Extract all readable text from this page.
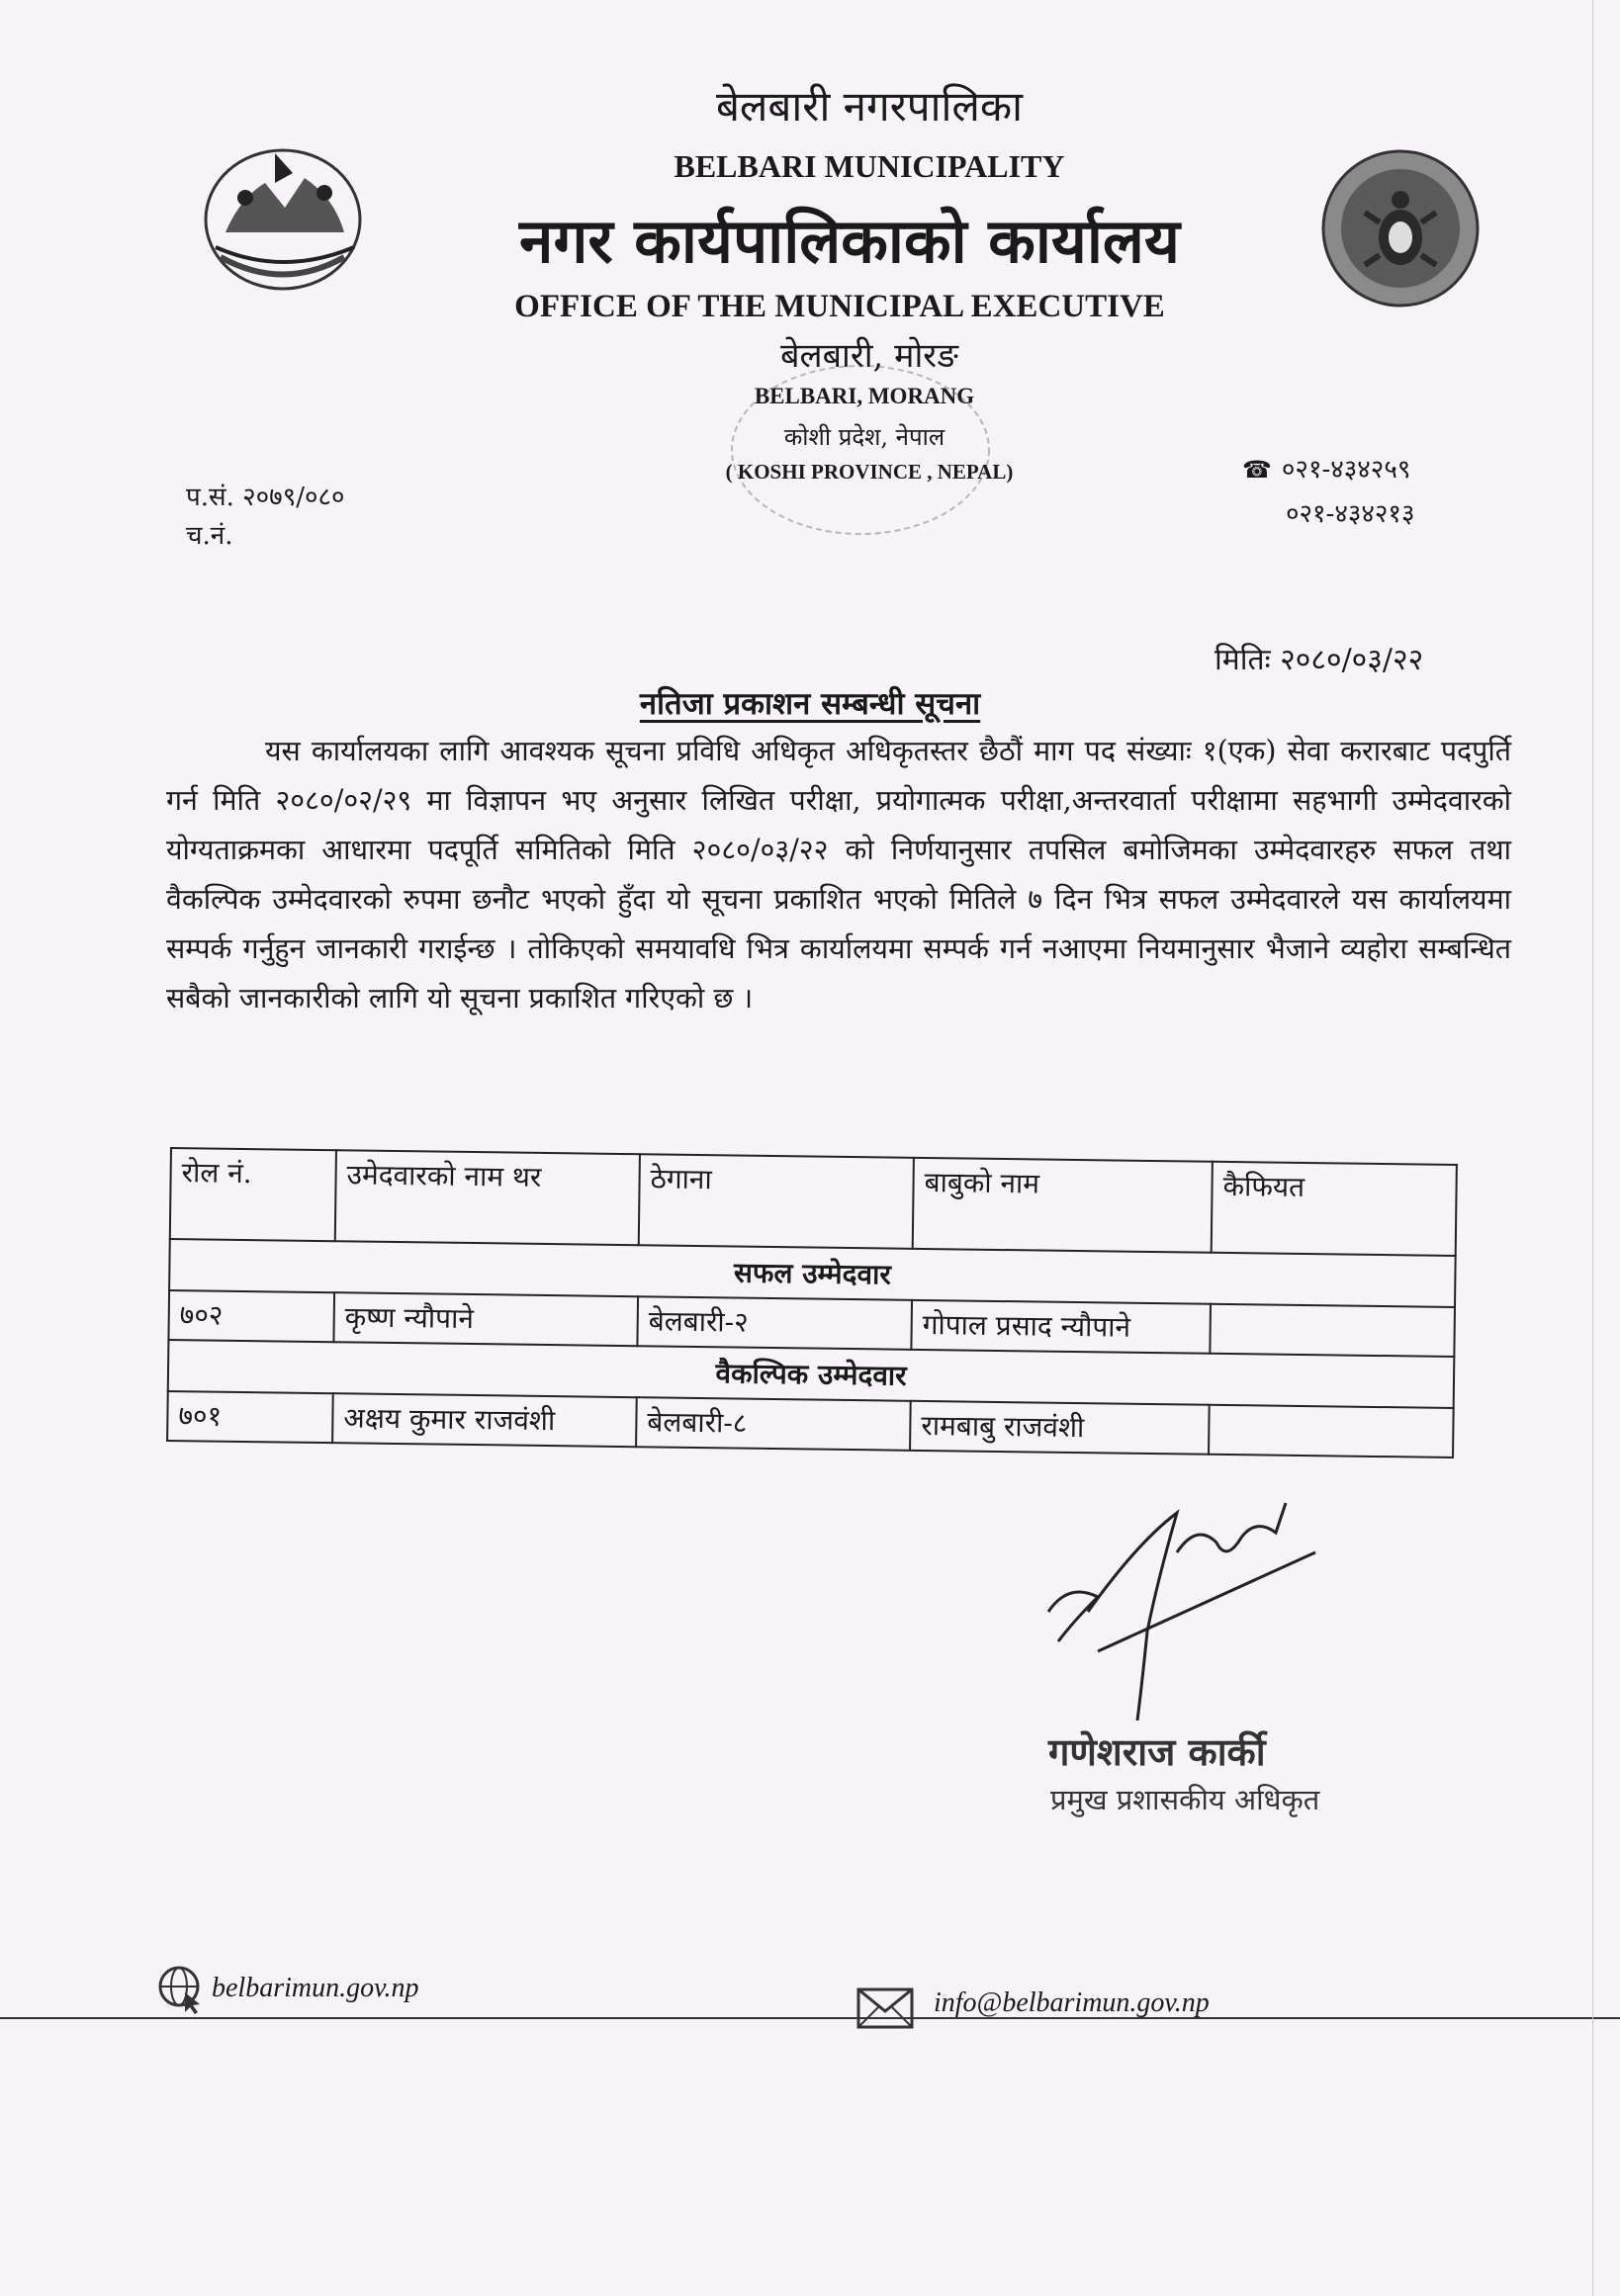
बेलबारी नगरपालिका
BELBARI MUNICIPALITY
नगर कार्यपालिकाको कार्यालय
OFFICE OF THE MUNICIPAL EXECUTIVE
बेलबारी, मोरङ
BELBARI, MORANG
कोशी प्रदेश, नेपाल
( KOSHI PROVINCE , NEPAL)
प.सं. २०७९/०८०
च.नं.
☎ ०२१-४३४२५९
०२१-४३४२१३
मितिः २०८०/०३/२२
नतिजा प्रकाशन सम्बन्धी सूचना
यस कार्यालयका लागि आवश्यक सूचना प्रविधि अधिकृत अधिकृतस्तर छैठौं माग पद संख्याः १(एक) सेवा करारबाट पदपुर्ति गर्न मिति २०८०/०२/२९ मा विज्ञापन भए अनुसार लिखित परीक्षा, प्रयोगात्मक परीक्षा,अन्तरवार्ता परीक्षामा सहभागी उम्मेदवारको योग्यताक्रमका आधारमा पदपूर्ति समितिको मिति २०८०/०३/२२ को निर्णयानुसार तपसिल बमोजिमका उम्मेदवारहरु सफल तथा वैकल्पिक उम्मेदवारको रुपमा छनौट भएको हुँदा यो सूचना प्रकाशित भएको मितिले ७ दिन भित्र सफल उम्मेदवारले यस कार्यालयमा सम्पर्क गर्नुहुन जानकारी गराईन्छ । तोकिएको समयावधि भित्र कार्यालयमा सम्पर्क गर्न नआएमा नियमानुसार भैजाने व्यहोरा सम्बन्धित सबैको जानकारीको लागि यो सूचना प्रकाशित गरिएको छ ।
रोल नं.	उमेदवारको नाम थर	ठेगाना	बाबुको नाम	कैफियत
सफल उम्मेदवार				
७०२	कृष्ण न्यौपाने	बेलबारी-२	गोपाल प्रसाद न्यौपाने	
वैकल्पिक उम्मेदवार				
७०१	अक्षय कुमार राजवंशी	बेलबारी-८	रामबाबु राजवंशी	
गणेशराज कार्की
प्रमुख प्रशासकीय अधिकृत
belbarimun.gov.np	info@belbarimun.gov.np
